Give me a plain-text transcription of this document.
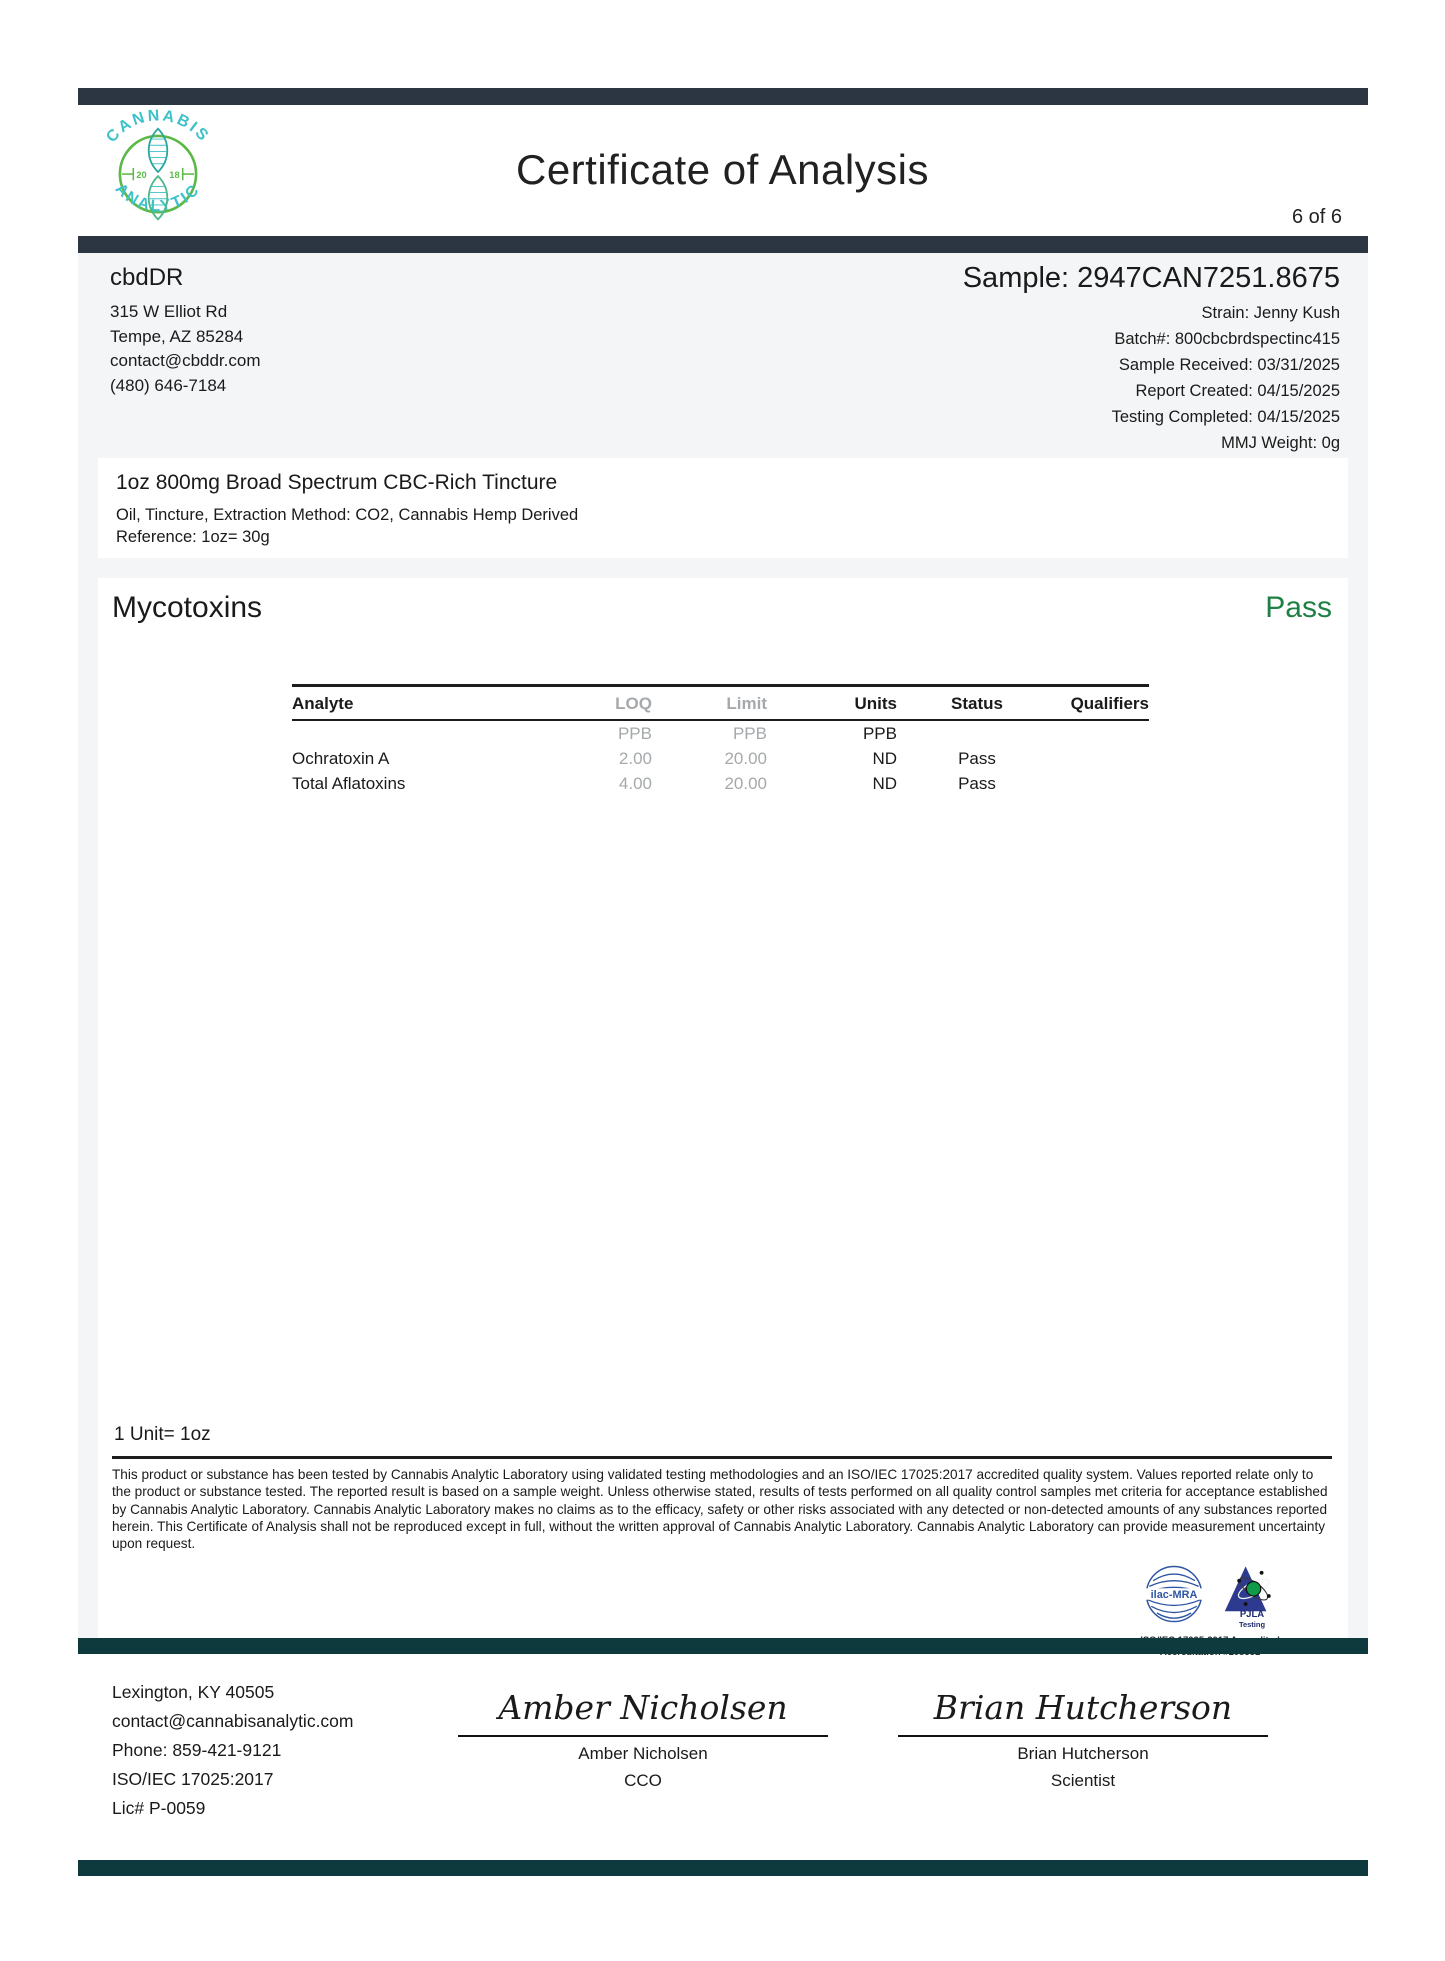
CANNABIS
ANALYTIC
20	18	Certificate of Analysis
6 of 6
cbdDR
315 W Elliot Rd
Tempe, AZ 85284
contact@cbddr.com
(480) 646-7184
Sample: 2947CAN7251.8675
Strain: Jenny Kush
Batch#: 800cbcbrdspectinc415
Sample Received: 03/31/2025
Report Created: 04/15/2025
Testing Completed: 04/15/2025
MMJ Weight: 0g
1oz 800mg Broad Spectrum CBC-Rich Tincture
Oil, Tincture, Extraction Method: CO2, Cannabis Hemp Derived
Reference: 1oz= 30g
Mycotoxins	Pass
Analyte	LOQ	Limit	Units	Status	Qualifiers
	PPB	PPB	PPB		
Ochratoxin A	2.00	20.00	ND	Pass	
Total Aflatoxins	4.00	20.00	ND	Pass	
1 Unit= 1oz

This product or substance has been tested by Cannabis Analytic Laboratory using validated testing methodologies and an ISO/IEC 17025:2017 accredited quality system. Values reported relate only to the product or substance tested. The reported result is based on a sample weight. Unless otherwise stated, results of tests performed on all quality control samples met criteria for acceptance established by Cannabis Analytic Laboratory. Cannabis Analytic Laboratory makes no claims as to the efficacy, safety or other risks associated with any detected or non-detected amounts of any substances reported herein. This Certificate of Analysis shall not be reproduced except in full, without the written approval of Cannabis Analytic Laboratory. Cannabis Analytic Laboratory can provide measurement uncertainty upon request.

ilac-MRA
PJLA
Testing
Lexington, KY 40505
contact@cannabisanalytic.com
Phone: 859-421-9121
ISO/IEC 17025:2017
Lic# P-0059
Amber Nicholsen
Amber Nicholsen
CCO
Brian Hutcherson
Brian Hutcherson
Scientist
